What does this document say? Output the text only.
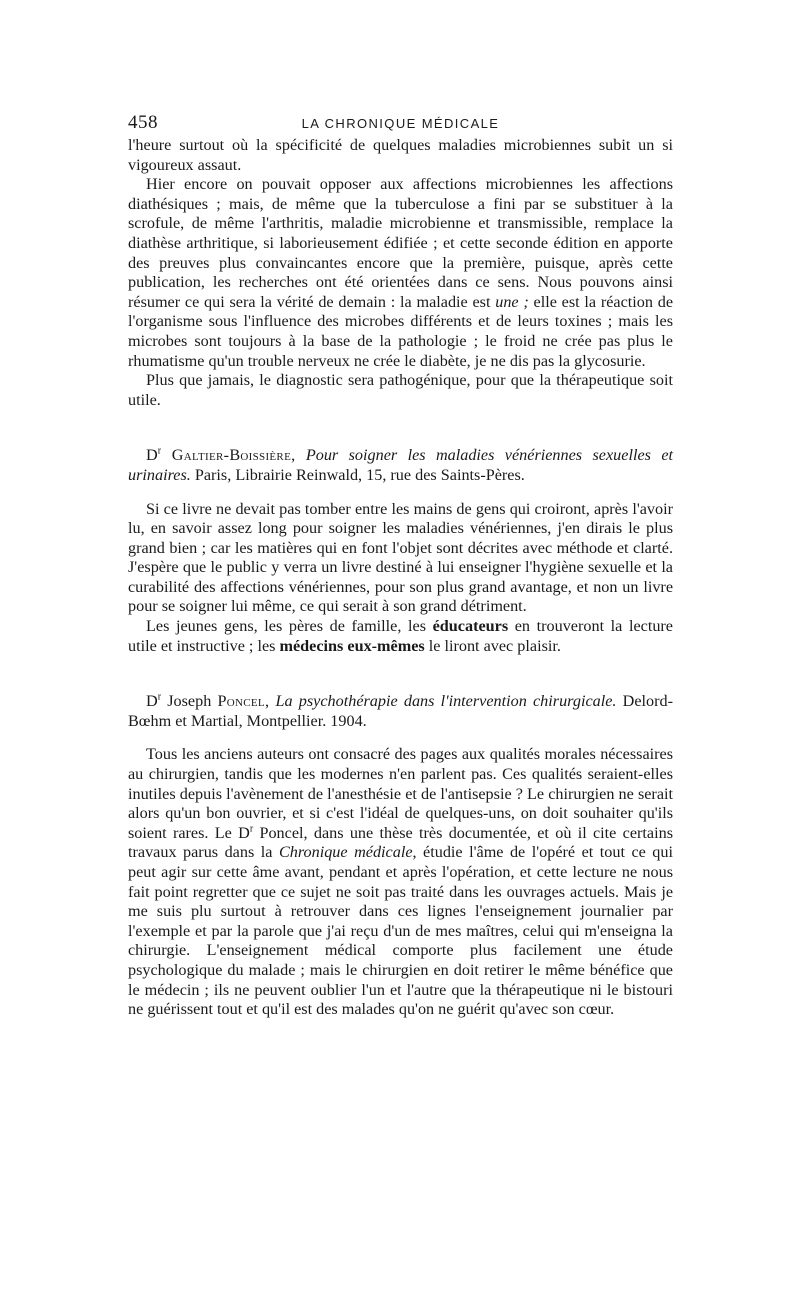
458	LA CHRONIQUE MÉDICALE

l'heure surtout où la spécificité de quelques maladies microbiennes subit un si vigoureux assaut.

Hier encore on pouvait opposer aux affections microbiennes les affections diathésiques ; mais, de même que la tuberculose a fini par se substituer à la scrofule, de même l'arthritis, maladie microbienne et transmissible, remplace la diathèse arthritique, si laborieusement édifiée ; et cette seconde édition en apporte des preuves plus convaincantes encore que la première, puisque, après cette publication, les recherches ont été orientées dans ce sens. Nous pouvons ainsi résumer ce qui sera la vérité de demain : la maladie est une ; elle est la réaction de l'organisme sous l'influence des microbes différents et de leurs toxines ; mais les microbes sont toujours à la base de la pathologie ; le froid ne crée pas plus le rhumatisme qu'un trouble nerveux ne crée le diabète, je ne dis pas la glycosurie.

Plus que jamais, le diagnostic sera pathogénique, pour que la thérapeutique soit utile.

$D^r$ Galtier-Boissière, Pour soigner les maladies vénériennes sexuelles et urinaires. Paris, Librairie Reinwald, 15, rue des Saints-Pères.

Si ce livre ne devait pas tomber entre les mains de gens qui croiront, après l'avoir lu, en savoir assez long pour soigner les maladies vénériennes, j'en dirais le plus grand bien ; car les matières qui en font l'objet sont décrites avec méthode et clarté. J'espère que le public y verra un livre destiné à lui enseigner l'hygiène sexuelle et la curabilité des affections vénériennes, pour son plus grand avantage, et non un livre pour se soigner lui même, ce qui serait à son grand détriment.

Les jeunes gens, les pères de famille, les éducateurs en trouveront la lecture utile et instructive ; les médecins eux-mêmes le liront avec plaisir.

$D^r$ Joseph Poncel, La psychothérapie dans l'intervention chirurgicale. Delord-Bœhm et Martial, Montpellier. 1904.

Tous les anciens auteurs ont consacré des pages aux qualités morales nécessaires au chirurgien, tandis que les modernes n'en parlent pas. Ces qualités seraient-elles inutiles depuis l'avènement de l'anesthésie et de l'antisepsie ? Le chirurgien ne serait alors qu'un bon ouvrier, et si c'est l'idéal de quelques-uns, on doit souhaiter qu'ils soient rares. Le $D^r$ Poncel, dans une thèse très documentée, et où il cite certains travaux parus dans la Chronique médicale, étudie l'âme de l'opéré et tout ce qui peut agir sur cette âme avant, pendant et après l'opération, et cette lecture ne nous fait point regretter que ce sujet ne soit pas traité dans les ouvrages actuels. Mais je me suis plu surtout à retrouver dans ces lignes l'enseignement journalier par l'exemple et par la parole que j'ai reçu d'un de mes maîtres, celui qui m'enseigna la chirurgie. L'enseignement médical comporte plus facilement une étude psychologique du malade ; mais le chirurgien en doit retirer le même bénéfice que le médecin ; ils ne peuvent oublier l'un et l'autre que la thérapeutique ni le bistouri ne guérissent tout et qu'il est des malades qu'on ne guérit qu'avec son cœur.
